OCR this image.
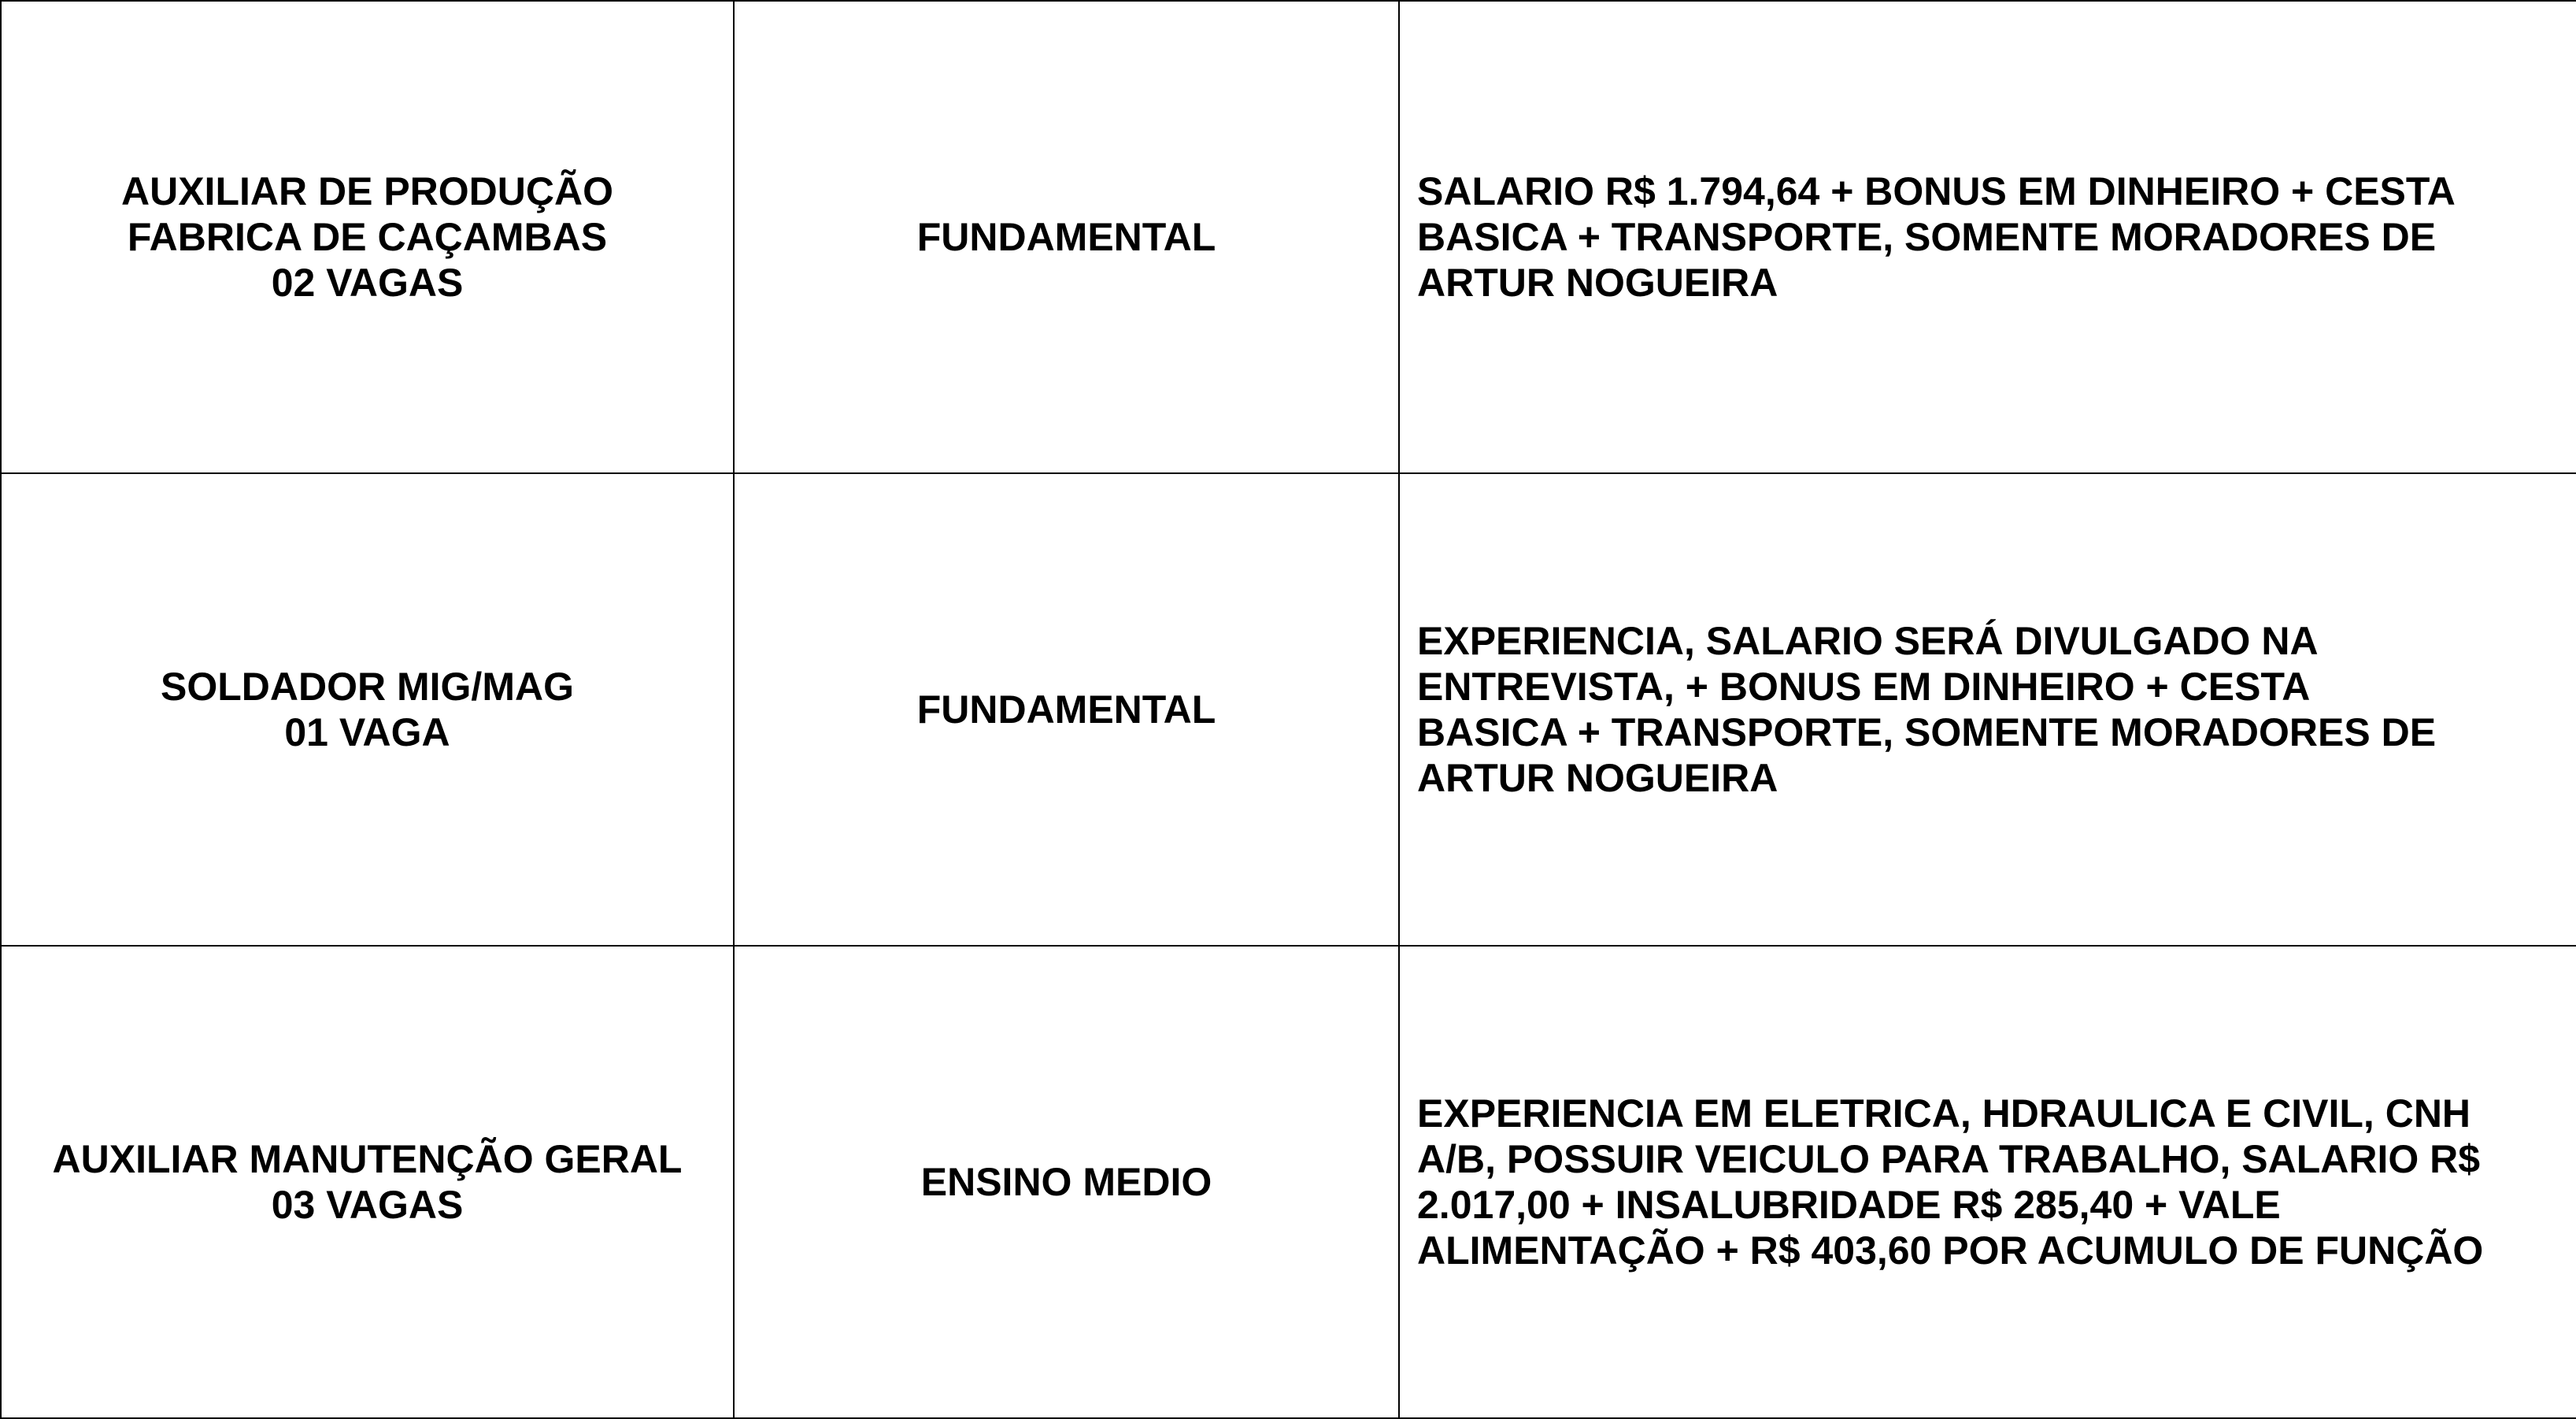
AUXILIAR DE PRODUÇÃO
FABRICA DE CAÇAMBAS
02 VAGAS	FUNDAMENTAL	SALARIO R$ 1.794,64 + BONUS EM DINHEIRO + CESTA
BASICA + TRANSPORTE, SOMENTE MORADORES DE
ARTUR NOGUEIRA

SOLDADOR MIG/MAG
01 VAGA	FUNDAMENTAL	EXPERIENCIA, SALARIO SERÁ DIVULGADO NA
ENTREVISTA, + BONUS EM DINHEIRO + CESTA
BASICA + TRANSPORTE, SOMENTE MORADORES DE
ARTUR NOGUEIRA

AUXILIAR MANUTENÇÃO GERAL
03 VAGAS	ENSINO MEDIO	EXPERIENCIA EM ELETRICA, HDRAULICA E CIVIL, CNH
A/B, POSSUIR VEICULO PARA TRABALHO, SALARIO R$
2.017,00 + INSALUBRIDADE R$ 285,40 + VALE
ALIMENTAÇÃO + R$ 403,60 POR ACUMULO DE FUNÇÃO
